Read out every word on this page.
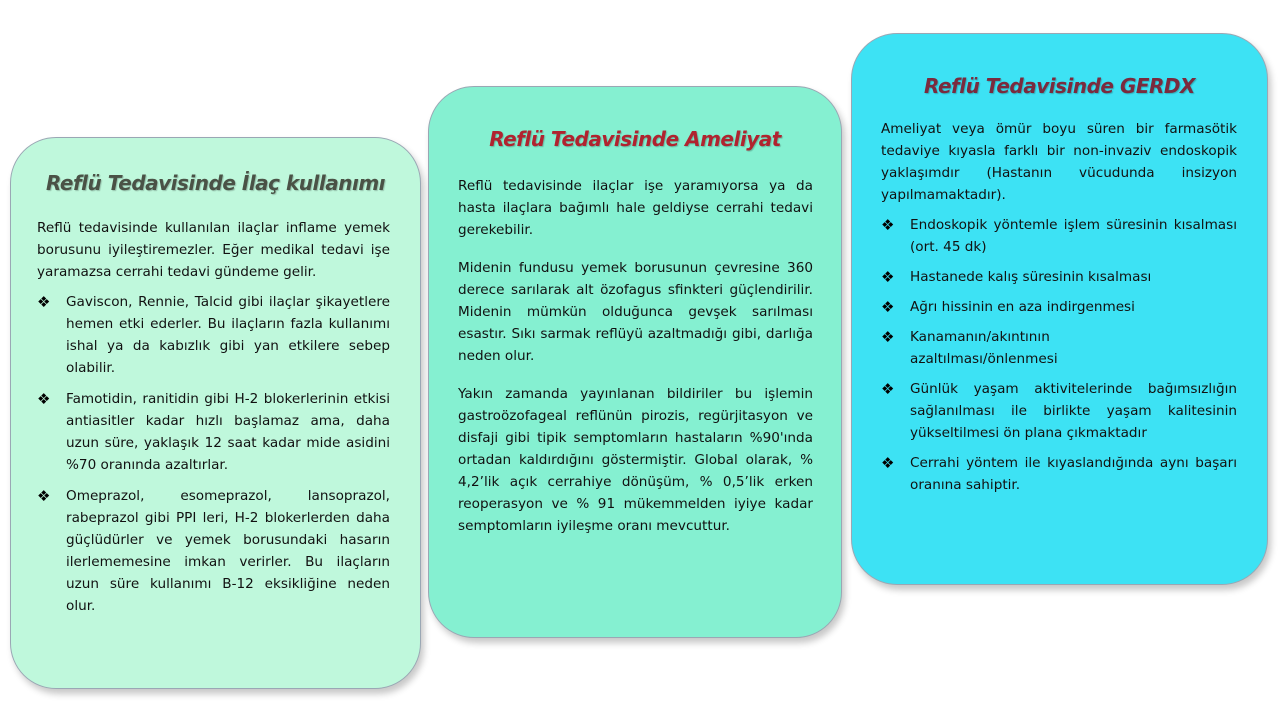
Reflü Tedavisinde İlaç kullanımı

Reflü tedavisinde kullanılan ilaçlar inflame yemek borusunu iyileştiremezler. Eğer medikal tedavi işe yaramazsa cerrahi tedavi gündeme gelir.

❖ Gaviscon, Rennie, Talcid gibi ilaçlar şikayetlere hemen etki ederler. Bu ilaçların fazla kullanımı ishal ya da kabızlık gibi yan etkilere sebep olabilir.
❖ Famotidin, ranitidin gibi H-2 blokerlerinin etkisi antiasitler kadar hızlı başlamaz ama, daha uzun süre, yaklaşık 12 saat kadar mide asidini %70 oranında azaltırlar.
❖ Omeprazol, esomeprazol, lansoprazol, rabeprazol gibi PPI leri, H-2 blokerlerden daha güçlüdürler ve yemek borusundaki hasarın ilerlememesine imkan verirler. Bu ilaçların uzun süre kullanımı B-12 eksikliğine neden olur.
Reflü Tedavisinde Ameliyat

Reflü tedavisinde ilaçlar işe yaramıyorsa ya da hasta ilaçlara bağımlı hale geldiyse cerrahi tedavi gerekebilir.

Midenin fundusu yemek borusunun çevresine 360 derece sarılarak alt özofagus sfinkteri güçlendirilir. Midenin mümkün olduğunca gevşek sarılması esastır. Sıkı sarmak reflüyü azaltmadığı gibi, darlığa neden olur.

Yakın zamanda yayınlanan bildiriler bu işlemin gastroözofageal reflünün pirozis, regürjitasyon ve disfaji gibi tipik semptomların hastaların %90'ında ortadan kaldırdığını göstermiştir. Global olarak, % 4,2’lik açık cerrahiye dönüşüm, % 0,5’lik erken reoperasyon ve % 91 mükemmelden iyiye kadar semptomların iyileşme oranı mevcuttur.

Reflü Tedavisinde GERDX

Ameliyat veya ömür boyu süren bir farmasötik tedaviye kıyasla farklı bir non-invaziv endoskopik yaklaşımdır (Hastanın vücudunda insizyon yapılmamaktadır).

❖ Endoskopik yöntemle işlem süresinin kısalması (ort. 45 dk)
❖ Hastanede kalış süresinin kısalması
❖ Ağrı hissinin en aza indirgenmesi
❖ Kanamanın/akıntının azaltılması/önlenmesi
❖ Günlük yaşam aktivitelerinde bağımsızlığın sağlanılması ile birlikte yaşam kalitesinin yükseltilmesi ön plana çıkmaktadır
❖ Cerrahi yöntem ile kıyaslandığında aynı başarı oranına sahiptir.
